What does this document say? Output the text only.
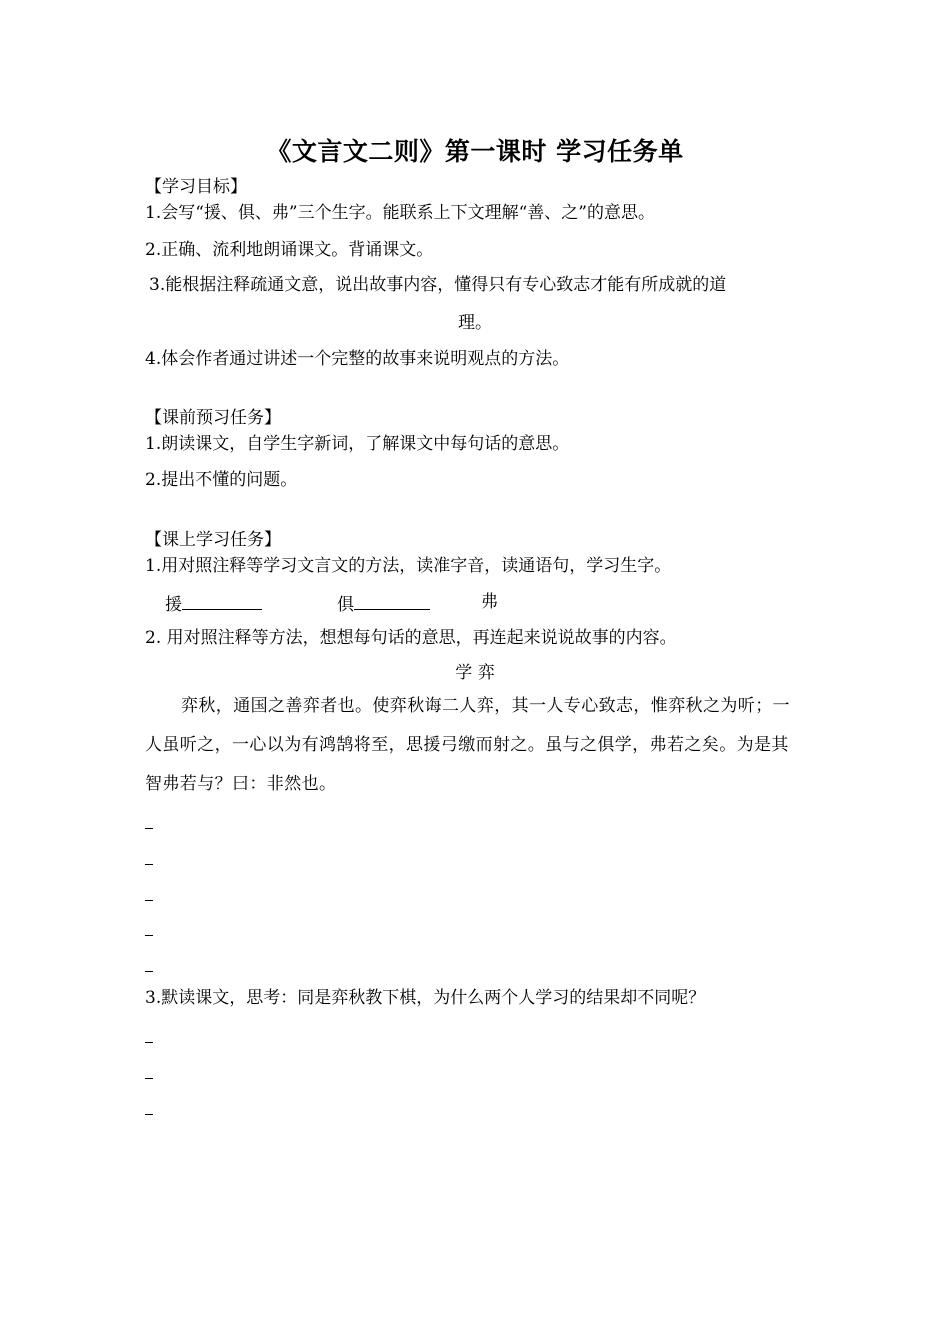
《文言文二则》第一课时 学习任务单
【学习目标】
1.会写“援、俱、弗”三个生字。能联系上下文理解“善、之”的意思。
2.正确、流利地朗诵课文。背诵课文。
3.能根据注释疏通文意，说出故事内容，懂得只有专心致志才能有所成就的道
理。
4.体会作者通过讲述一个完整的故事来说明观点的方法。
【课前预习任务】
1.朗读课文，自学生字新词，了解课文中每句话的意思。
2.提出不懂的问题。
【课上学习任务】
1.用对照注释等学习文言文的方法，读准字音，读通语句，学习生字。
援	俱	弗
2. 用对照注释等方法，想想每句话的意思，再连起来说说故事的内容。
学 弈
弈秋，通国之善弈者也。使弈秋诲二人弈，其一人专心致志，惟弈秋之为听；一人虽听之，一心以为有鸿鹄将至，思援弓缴而射之。虽与之俱学，弗若之矣。为是其智弗若与？曰：非然也。
3.默读课文，思考：同是弈秋教下棋，为什么两个人学习的结果却不同呢？
